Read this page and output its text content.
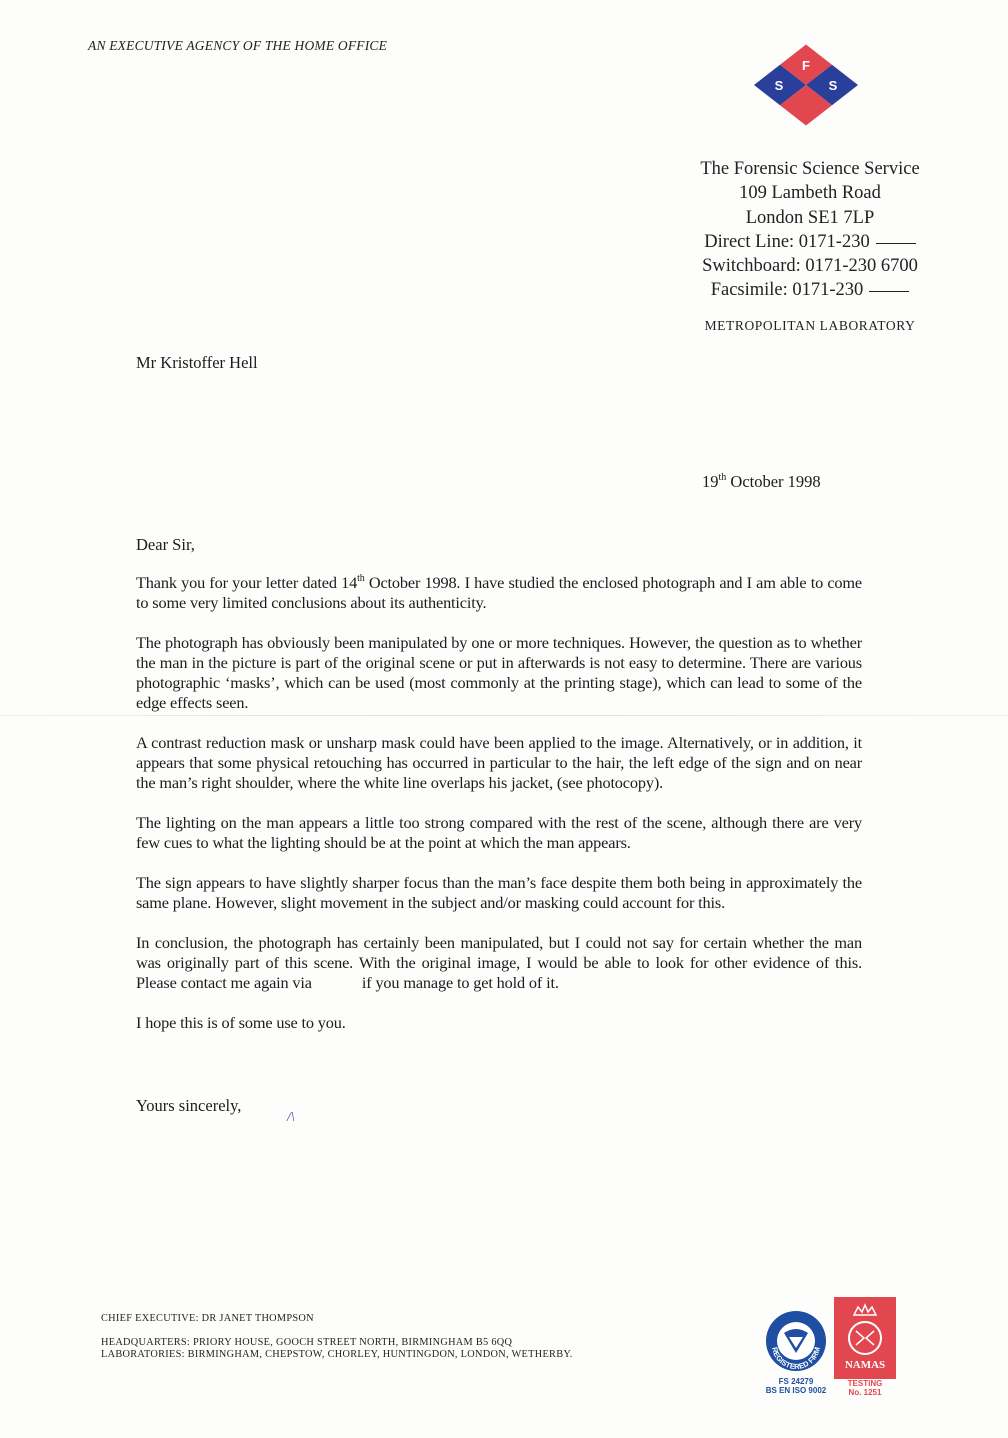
AN EXECUTIVE AGENCY OF THE HOME OFFICE
F
S	S
The Forensic Science Service
109 Lambeth Road
London SE1 7LP
Direct Line: 0171-230
Switchboard: 0171-230 6700
Facsimile: 0171-230
METROPOLITAN LABORATORY
Mr Kristoffer Hell
19th October 1998
Dear Sir,

Thank you for your letter dated 14th October 1998. I have studied the enclosed photograph and I am able to come to some very limited conclusions about its authenticity.

The photograph has obviously been manipulated by one or more techniques. However, the question as to whether the man in the picture is part of the original scene or put in afterwards is not easy to determine. There are various photographic ‘masks’, which can be used (most commonly at the printing stage), which can lead to some of the edge effects seen.

A contrast reduction mask or unsharp mask could have been applied to the image. Alternatively, or in addition, it appears that some physical retouching has occurred in particular to the hair, the left edge of the sign and on near the man’s right shoulder, where the white line overlaps his jacket, (see photocopy).

The lighting on the man appears a little too strong compared with the rest of the scene, although there are very few cues to what the lighting should be at the point at which the man appears.

The sign appears to have slightly sharper focus than the man’s face despite them both being in approximately the same plane. However, slight movement in the subject and/or masking could account for this.

In conclusion, the photograph has certainly been manipulated, but I could not say for certain whether the man was originally part of this scene. With the original image, I would be able to look for other evidence of this. Please contact me again via	if you manage to get hold of it.

I hope this is of some use to you.

Yours sincerely,
/\
CHIEF EXECUTIVE: DR JANET THOMPSON
HEADQUARTERS: PRIORY HOUSE, GOOCH STREET NORTH, BIRMINGHAM B5 6QQ
LABORATORIES: BIRMINGHAM, CHEPSTOW, CHORLEY, HUNTINGDON, LONDON, WETHERBY.	REGISTERED FIRM
FS 24279
BS EN ISO 9002
NAMAS
TESTING
No. 1251
